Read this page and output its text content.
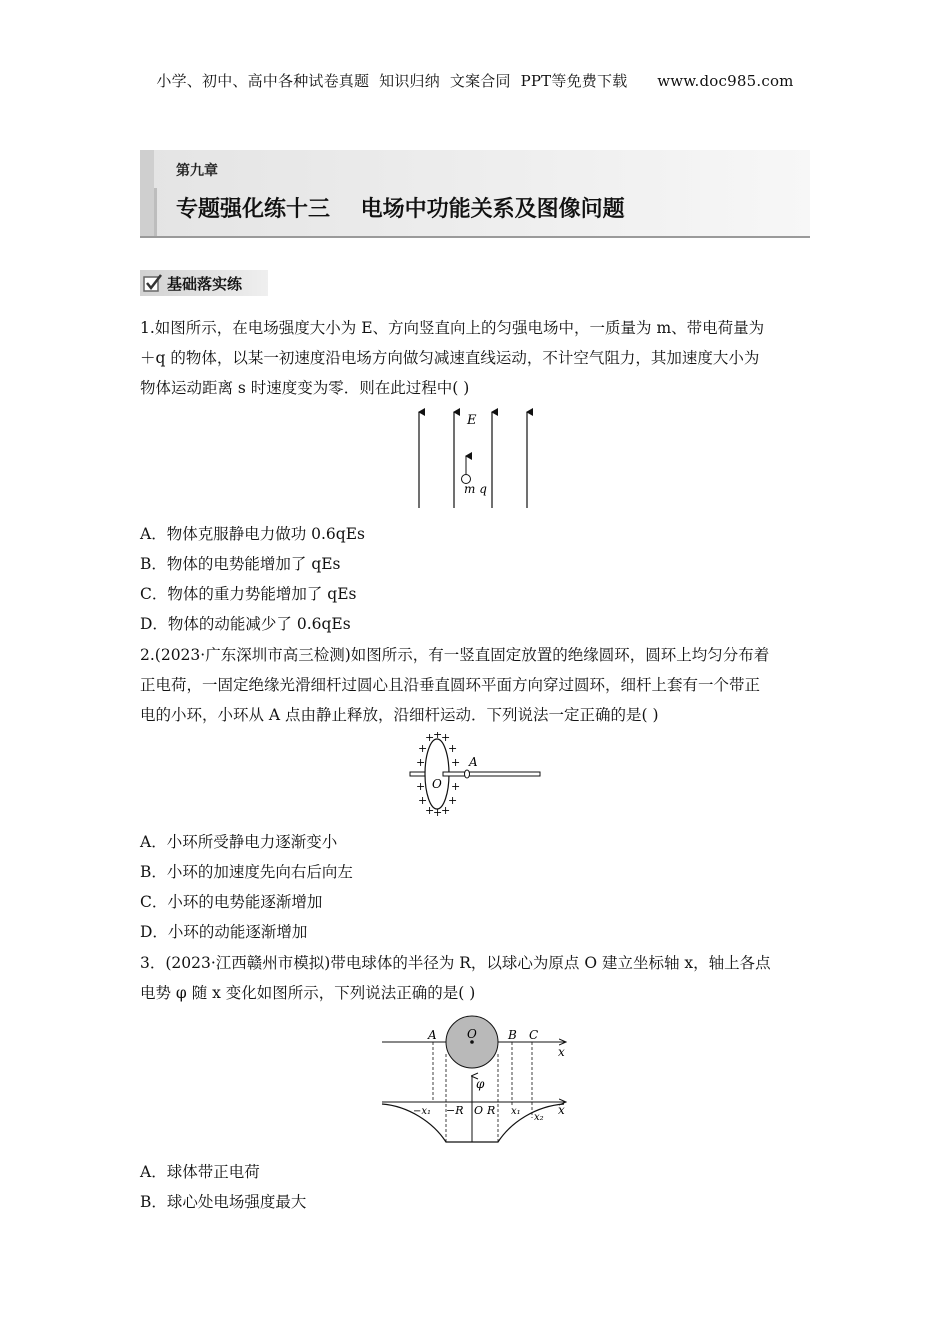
小学、初中、高中各种试卷真题  知识归纳  文案合同  PPT等免费下载      www.doc985.com
第九章
专题强化练十三    电场中功能关系及图像问题
基础落实练
1.如图所示，在电场强度大小为 E、方向竖直向上的匀强电场中，一质量为 m、带电荷量为
＋q 的物体，以某一初速度沿电场方向做匀减速直线运动，不计空气阻力，其加速度大小为
物体运动距离 s 时速度变为零．则在此过程中( )
E
m q
A．物体克服静电力做功 0.6qEs
B．物体的电势能增加了 qEs
C．物体的重力势能增加了 qEs
D．物体的动能减少了 0.6qEs
2.(2023·广东深圳市高三检测)如图所示，有一竖直固定放置的绝缘圆环，圆环上均匀分布着
正电荷，一固定绝缘光滑细杆过圆心且沿垂直圆环平面方向穿过圆环，细杆上套有一个带正
电的小环，小环从 A 点由静止释放，沿细杆运动．下列说法一定正确的是( )
A
O
+
+
+
+ +
+ +
+ +
+ +
+
+
+
A．小环所受静电力逐渐变小
B．小环的加速度先向右后向左
C．小环的电势能逐渐增加
D．小环的动能逐渐增加
3．(2023·江西赣州市模拟)带电球体的半径为 R，以球心为原点 O 建立坐标轴 x，轴上各点
电势 φ 随 x 变化如图所示，下列说法正确的是( )
A	O	B C
x
φ
−x₁ −R O R x₁
x₂
x
A．球体带正电荷
B．球心处电场强度最大
